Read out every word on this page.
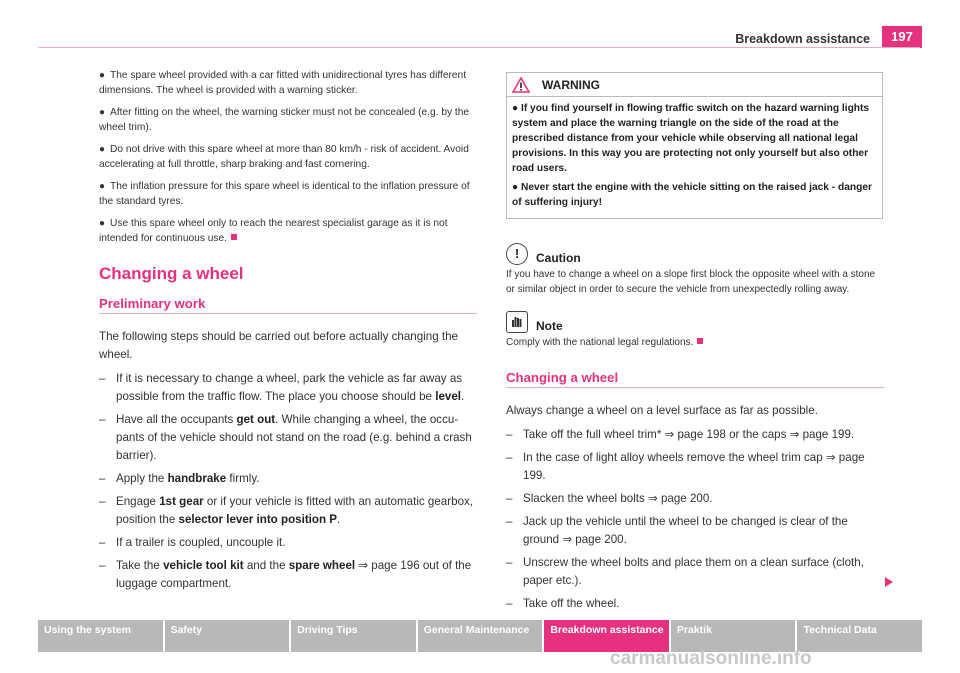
Breakdown assistance	197

● The spare wheel provided with a car fitted with unidirectional tyres has different dimensions. The wheel is provided with a warning sticker.

● After fitting on the wheel, the warning sticker must not be concealed (e.g. by the wheel trim).

● Do not drive with this spare wheel at more than 80 km/h - risk of accident. Avoid accelerating at full throttle, sharp braking and fast cornering.

● The inflation pressure for this spare wheel is identical to the inflation pressure of the standard tyres.

● Use this spare wheel only to reach the nearest specialist garage as it is not intended for continuous use.

Changing a wheel
Preliminary work

The following steps should be carried out before actually changing the wheel.

– If it is necessary to change a wheel, park the vehicle as far away as possible from the traffic flow. The place you choose should be level.
– Have all the occupants get out. While changing a wheel, the occu-pants of the vehicle should not stand on the road (e.g. behind a crash barrier).
– Apply the handbrake firmly.
– Engage 1st gear or if your vehicle is fitted with an automatic gearbox, position the selector lever into position P.
– If a trailer is coupled, uncouple it.
– Take the vehicle tool kit and the spare wheel ⇒ page 196 out of the luggage compartment.
WARNING

● If you find yourself in flowing traffic switch on the hazard warning lights system and place the warning triangle on the side of the road at the prescribed distance from your vehicle while observing all national legal provisions. In this way you are protecting not only yourself but also other road users.

● Never start the engine with the vehicle sitting on the raised jack - danger of suffering injury!

!	Caution

If you have to change a wheel on a slope first block the opposite wheel with a stone or similar object in order to secure the vehicle from unexpectedly rolling away.

Note

Comply with the national legal regulations.

Changing a wheel

Always change a wheel on a level surface as far as possible.

– Take off the full wheel trim* ⇒ page 198 or the caps ⇒ page 199.
– In the case of light alloy wheels remove the wheel trim cap ⇒ page 199.
– Slacken the wheel bolts ⇒ page 200.
– Jack up the vehicle until the wheel to be changed is clear of the ground ⇒ page 200.
– Unscrew the wheel bolts and place them on a clean surface (cloth, paper etc.).
– Take off the wheel.
Using the system	Safety	Driving Tips	General Maintenance	Breakdown assistance	Praktik	Technical Data
carmanualsonline.info
